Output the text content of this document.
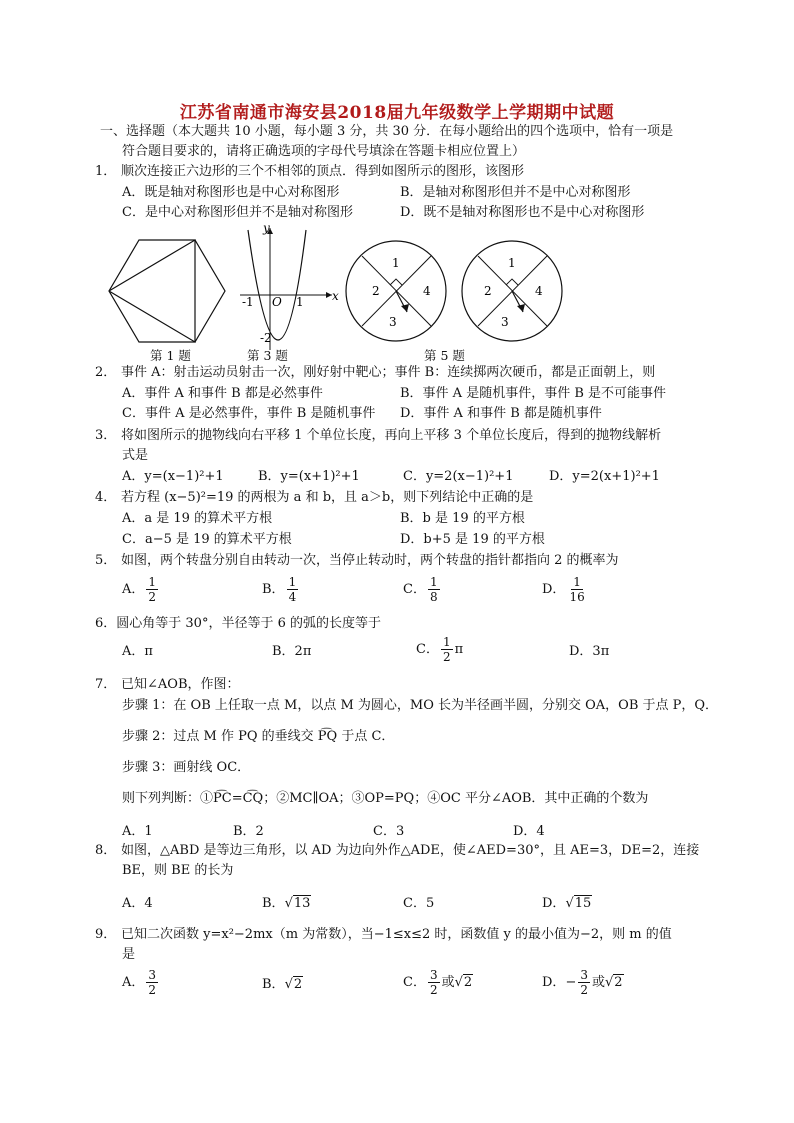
江苏省南通市海安县2018届九年级数学上学期期中试题
一、选择题（本大题共 10 小题，每小题 3 分，共 30 分．在每小题给出的四个选项中，恰有一项是
符合题目要求的，请将正确选项的字母代号填涂在答题卡相应位置上）
1． 顺次连接正六边形的三个不相邻的顶点．得到如图所示的图形，该图形
A．既是轴对称图形也是中心对称图形	B．是轴对称图形但并不是中心对称图形
C．是中心对称图形但并不是轴对称图形	D．既不是轴对称图形也不是中心对称图形
y
x
O
-1	1
-2
1
2
3
4
1
2
3
4
第 1 题	第 3 题	第 5 题
2． 事件 A：射击运动员射击一次，刚好射中靶心；事件 B：连续掷两次硬币，都是正面朝上，则
A．事件 A 和事件 B 都是必然事件	B．事件 A 是随机事件，事件 B 是不可能事件
C．事件 A 是必然事件，事件 B 是随机事件 D．事件 A 和事件 B 都是随机事件
3． 将如图所示的抛物线向右平移 1 个单位长度，再向上平移 3 个单位长度后，得到的抛物线解析
式是
A．y=(x−1)²+1	B．y=(x+1)²+1	C．y=2(x−1)²+1	D．y=2(x+1)²+1
4． 若方程 (x−5)²=19 的两根为 a 和 b，且 a＞b，则下列结论中正确的是
A．a 是 19 的算术平方根	B．b 是 19 的平方根
C．a−5 是 19 的算术平方根	D．b+5 是 19 的平方根
5． 如图，两个转盘分别自由转动一次，当停止转动时，两个转盘的指针都指向 2 的概率为
A． $\frac{1}{2}$	B． $\frac{1}{4}$	C． $\frac{1}{8}$	D． $\frac{1}{16}$
6．圆心角等于 30°，半径等于 6 的弧的长度等于
A．π	B．2π	C． $\frac{1}{2}$ π	D．3π
7． 已知∠AOB，作图：
步骤 1：在 OB 上任取一点 M，以点 M 为圆心，MO 长为半径画半圆，分别交 OA，OB 于点 P，Q．
步骤 2：过点 M 作 PQ 的垂线交 P͡Q 于点 C．
步骤 3：画射线 OC．
则下列判断：①P͡C=C͡Q；②MC∥OA；③OP=PQ；④OC 平分∠AOB．其中正确的个数为
A．1	B．2	C．3	D．4
8． 如图，△ABD 是等边三角形，以 AD 为边向外作△ADE，使∠AED=30°，且 AE=3，DE=2，连接
BE，则 BE 的长为
A．4	B．√13	C．5	D．√15
9． 已知二次函数 y=x²−2mx（m 为常数），当−1≤x≤2 时，函数值 y 的最小值为−2，则 m 的值
是
A． $\frac{3}{2}$	B．√2	C． $\frac{3}{2}$ 或√2	D．− $\frac{3}{2}$ 或√2
